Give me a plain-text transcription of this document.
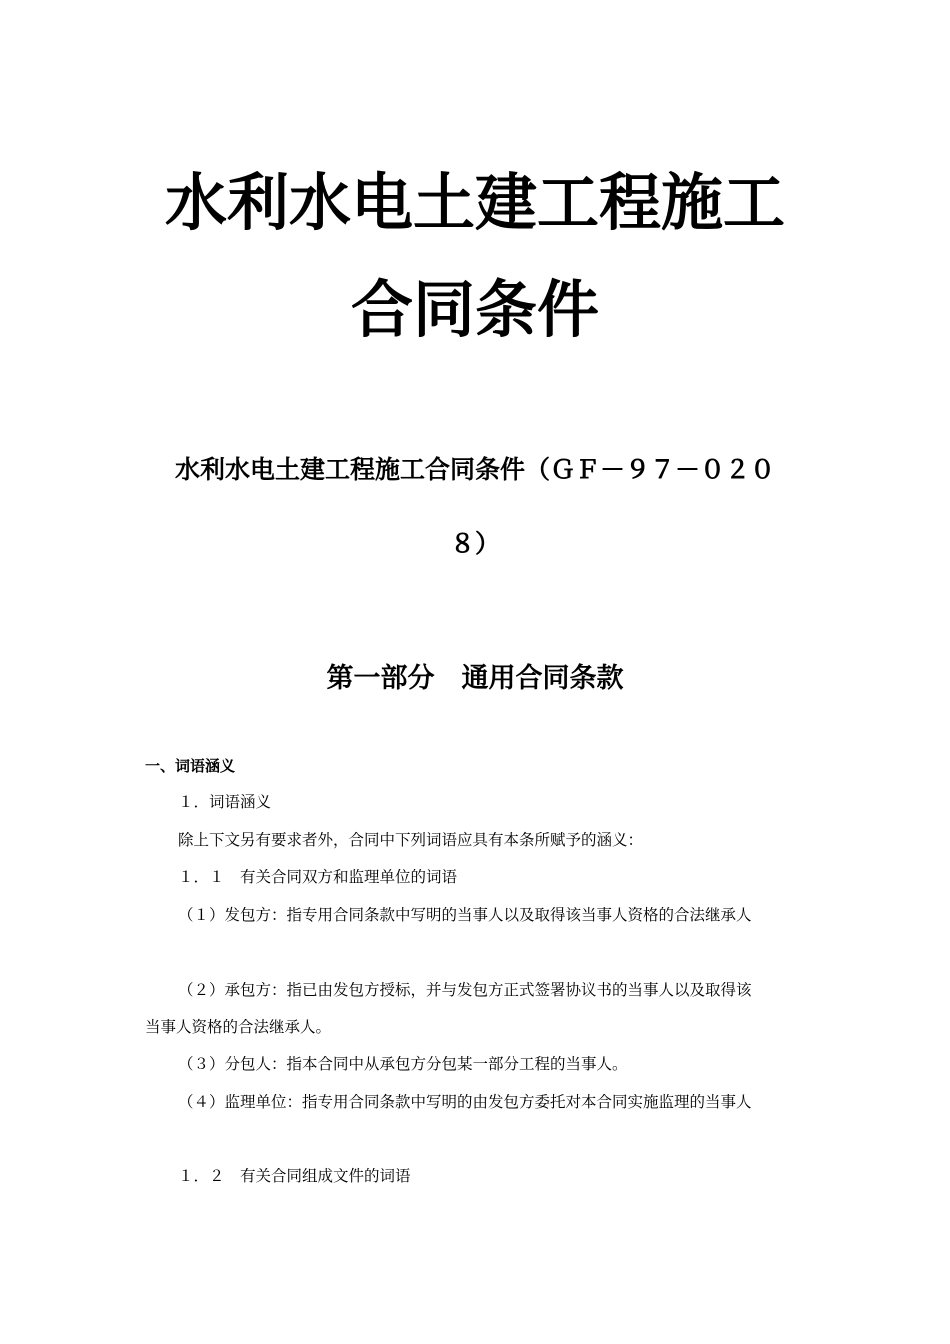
水利水电土建工程施工
合同条件
水利水电土建工程施工合同条件（ＧＦ－９７－０２０
８）
第一部分　通用合同条款
一、词语涵义
１．词语涵义
除上下文另有要求者外，合同中下列词语应具有本条所赋予的涵义：
１．１　有关合同双方和监理单位的词语
（１）发包方：指专用合同条款中写明的当事人以及取得该当事人资格的合法继承人
（２）承包方：指已由发包方授标，并与发包方正式签署协议书的当事人以及取得该
当事人资格的合法继承人。
（３）分包人：指本合同中从承包方分包某一部分工程的当事人。
（４）监理单位：指专用合同条款中写明的由发包方委托对本合同实施监理的当事人
１．２　有关合同组成文件的词语
